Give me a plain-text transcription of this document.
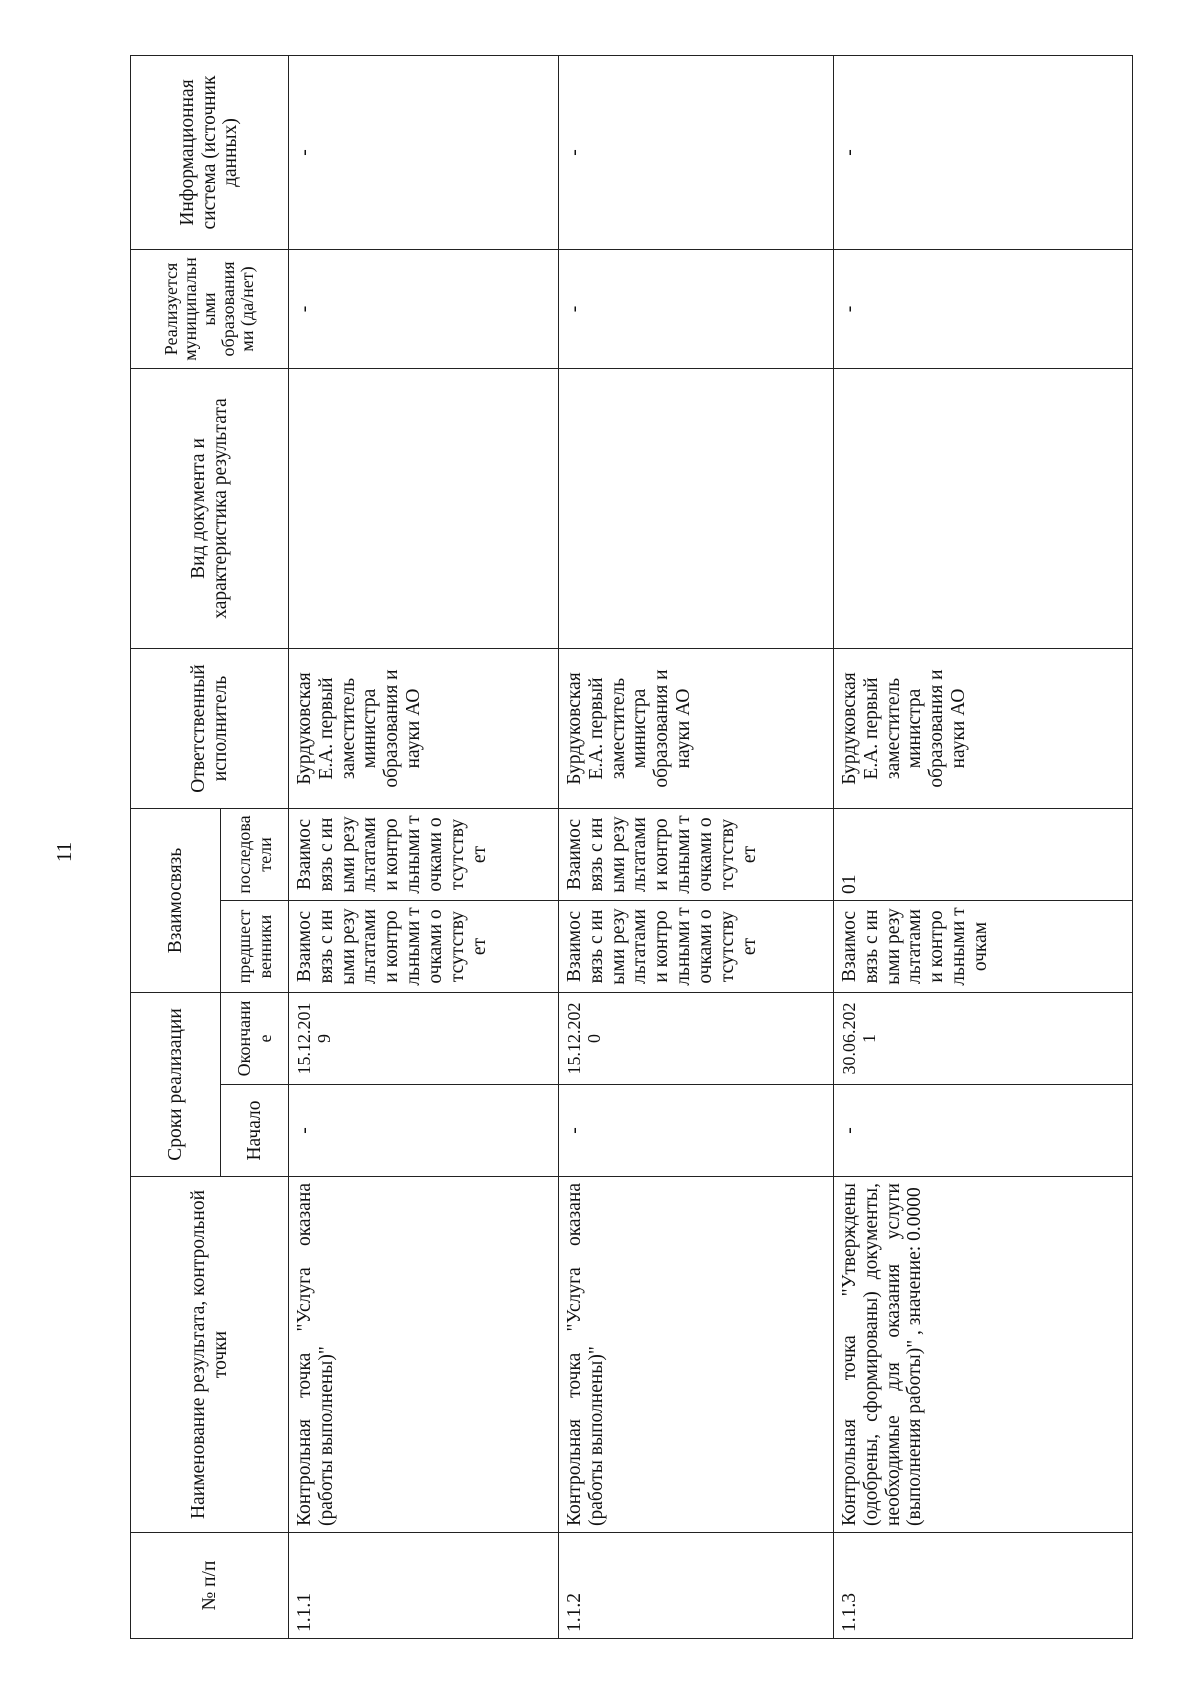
11
№ п/п	Наименование результата, контрольной точки	Сроки реализации		Взаимосвязь		Ответственный исполнитель	Вид документа и характеристика результата	Реализуется муниципальными образованиями (да/нет)	Информационная система (источник данных)
		Начало	Окончание	предшественники	последователи				
1.1.1	Контрольная точка "Услуга оказана (работы выполнены)"	-	15.12.2019	Взаимосвязь с иными результатами и контрольными точками отсутствует	Взаимосвязь с иными результатами и контрольными точками отсутствует	Бурдуковская Е.А. первый заместитель министра образования и науки АО		-	-
1.1.2	Контрольная точка "Услуга оказана (работы выполнены)"	-	15.12.2020	Взаимосвязь с иными результатами и контрольными точками отсутствует	Взаимосвязь с иными результатами и контрольными точками отсутствует	Бурдуковская Е.А. первый заместитель министра образования и науки АО		-	-
1.1.3	Контрольная точка "Утверждены (одобрены, сформированы) документы, необходимые для оказания услуги (выполнения работы)" , значение: 0.0000	-	30.06.2021	Взаимосвязь с иными результатами и контрольными точкам	01	Бурдуковская Е.А. первый заместитель министра образования и науки АО		-	-
